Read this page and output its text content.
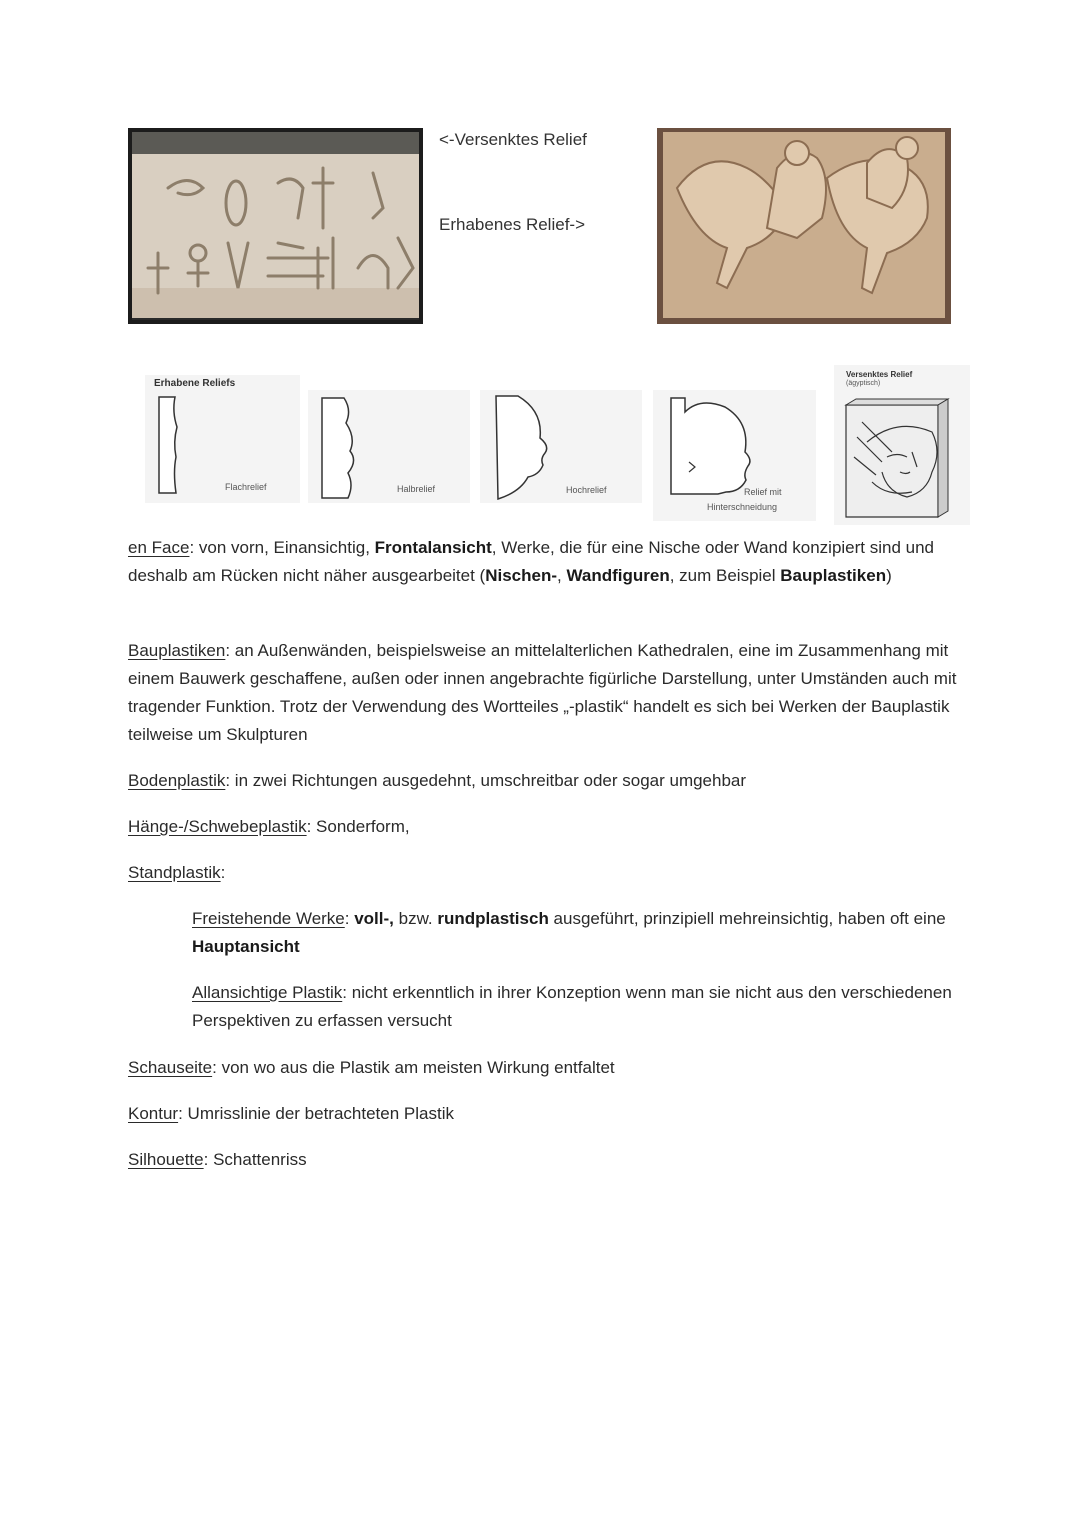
<-Versenktes Relief
Erhabenes Relief->
Erhabene Reliefs
Flachrelief	Halbrelief	Hochrelief	Relief mit
Hinterschneidung
Versenktes Relief
(ägyptisch)
en Face: von vorn, Einansichtig, Frontalansicht, Werke, die für eine Nische oder Wand konzipiert sind und deshalb am Rücken nicht näher ausgearbeitet (Nischen-, Wandfiguren, zum Beispiel Bauplastiken)
Bauplastiken: an Außenwänden, beispielsweise an mittelalterlichen Kathedralen, eine im Zusammenhang mit einem Bauwerk geschaffene, außen oder innen angebrachte figürliche Darstellung, unter Umständen auch mit tragender Funktion. Trotz der Verwendung des Wortteiles „-plastik“ handelt es sich bei Werken der Bauplastik teilweise um Skulpturen
Bodenplastik: in zwei Richtungen ausgedehnt, umschreitbar oder sogar umgehbar
Hänge-/Schwebeplastik: Sonderform,
Standplastik:
Freistehende Werke: voll-, bzw. rundplastisch ausgeführt, prinzipiell mehreinsichtig, haben oft eine Hauptansicht
Allansichtige Plastik: nicht erkenntlich in ihrer Konzeption wenn man sie nicht aus den verschiedenen Perspektiven zu erfassen versucht
Schauseite: von wo aus die Plastik am meisten Wirkung entfaltet
Kontur: Umrisslinie der betrachteten Plastik
Silhouette: Schattenriss
